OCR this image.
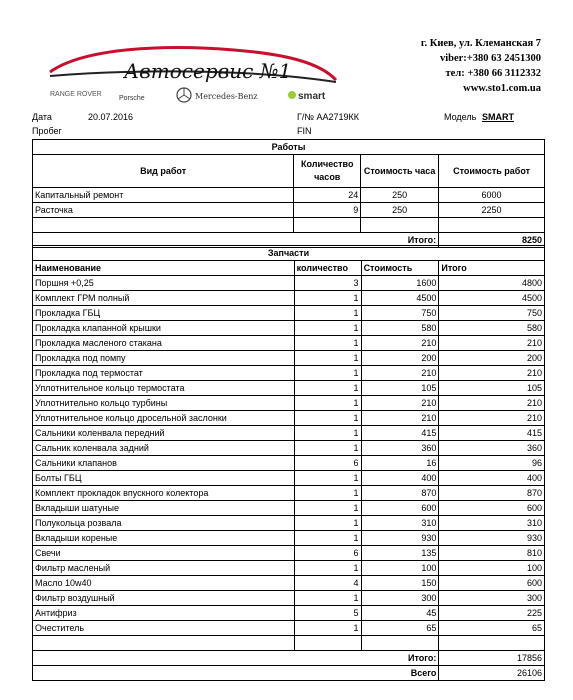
Автосервис №1
RANGE ROVER
Porsche	Mercedes-Benz	smart
г. Киев, ул. Клеманская 7
viber:+380 63 2451300
тел: +380 66 3112332
www.sto1.com.ua
Дата	20.07.2016	Г/№ АА2719КК	Модель SMART
Пробег	FIN
Работы			
Вид работ	Количество часов	Стоимость часа	Стоимость работ
Капитальный ремонт	24	250	6000
Расточка	9	250	2250

Итого:			8250
Запчасти			
Наименование	количество	Стоимость	Итого
Поршня +0,25	3	1600	4800
Комплект ГРМ полный	1	4500	4500
Прокладка ГБЦ	1	750	750
Прокладка клапанной крышки	1	580	580
Прокладка масленого стакана	1	210	210
Прокладка под помпу	1	200	200
Прокладка под термостат	1	210	210
Уплотнительное кольцо термостата	1	105	105
Уплотнительно кольцо турбины	1	210	210
Уплотнительное кольцо дросельной заслонки	1	210	210
Сальники коленвала передний	1	415	415
Сальник коленвала задний	1	360	360
Сальники клапанов	6	16	96
Болты ГБЦ	1	400	400
Комплект прокладок впускного колектора	1	870	870
Вкладыши шатуные	1	600	600
Полукольца розвала	1	310	310
Вкладыши кореные	1	930	930
Свечи	6	135	810
Фильтр масленый	1	100	100
Масло 10w40	4	150	600
Фильтр воздушный	1	300	300
Антифриз	5	45	225
Очеститель	1	65	65

Итого:			17856
Всего			26106
